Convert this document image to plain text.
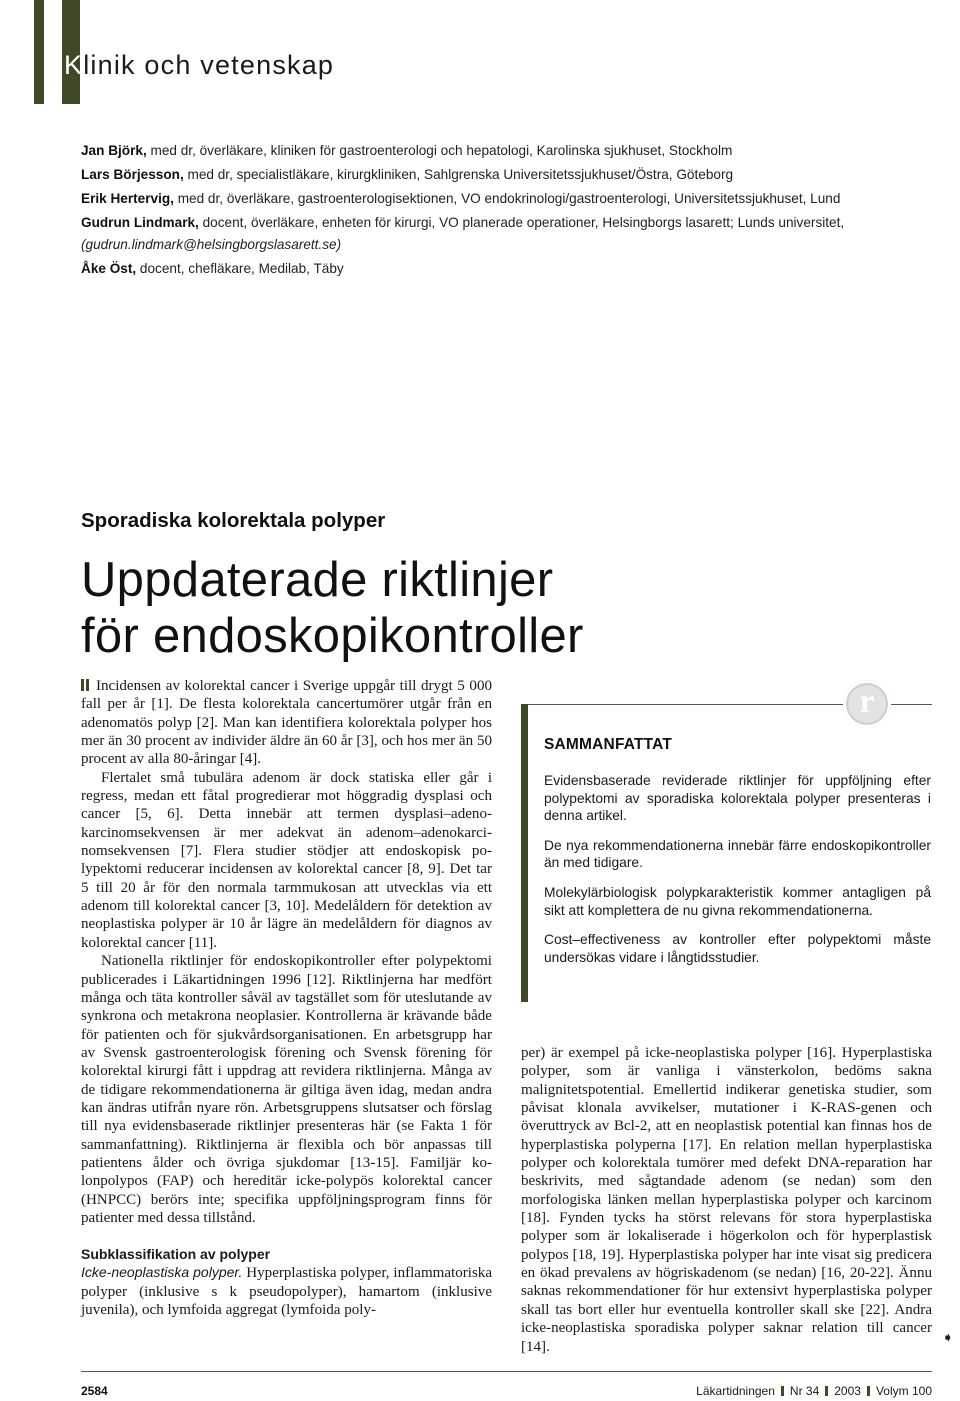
Klinik och vetenskap
Jan Björk, med dr, överläkare, kliniken för gastroenterologi och hepatologi, Karolinska sjukhuset, Stockholm
Lars Börjesson, med dr, specialistläkare, kirurgkliniken, Sahlgrenska Universitetssjukhuset/Östra, Göteborg
Erik Hertervig, med dr, överläkare, gastroenterologisektionen, VO endokrinologi/gastroenterologi, Universitetssjukhuset, Lund
Gudrun Lindmark, docent, överläkare, enheten för kirurgi, VO planerade operationer, Helsingborgs lasarett; Lunds universitet,
(gudrun.lindmark@helsingborgslasarett.se)
Åke Öst, docent, chefläkare, Medilab, Täby
Sporadiska kolorektala polyper
Uppdaterade riktlinjer
för endoskopikontroller

Incidensen av kolorektal cancer i Sverige uppgår till drygt 5 000 fall per år [1]. De flesta kolorektala cancertumörer utgår från en adenomatös polyp [2]. Man kan identifiera kolorektala polyper hos mer än 30 procent av individer äldre än 60 år [3], och hos mer än 50 procent av alla 80-åringar [4].

Flertalet små tubulära adenom är dock statiska eller går i regress, medan ett fåtal progredierar mot höggradig dysplasi och cancer [5, 6]. Detta innebär att termen dysplasi–adenokarcinomsekvensen är mer adekvat än adenom–adenokarcinomsekvensen [7]. Flera studier stödjer att endoskopisk polypektomi reducerar incidensen av kolorektal cancer [8, 9]. Det tar 5 till 20 år för den normala tarmmukosan att utvecklas via ett adenom till kolorektal cancer [3, 10]. Medelåldern för detektion av neoplastiska polyper är 10 år lägre än medelåldern för diagnos av kolorektal cancer [11].

Nationella riktlinjer för endoskopikontroller efter polypektomi publicerades i Läkartidningen 1996 [12]. Riktlinjerna har medfört många och täta kontroller såväl av tagstället som för uteslutande av synkrona och metakrona neoplasier. Kontrollerna är krävande både för patienten och för sjukvårdsorganisationen. En arbetsgrupp har av Svensk gastroenterologisk förening och Svensk förening för kolorektal kirurgi fått i uppdrag att revidera riktlinjerna. Många av de tidigare rekommendationerna är giltiga även idag, medan andra kan ändras utifrån nyare rön. Arbetsgruppens slutsatser och förslag till nya evidensbaserade riktlinjer presenteras här (se Fakta 1 för sammanfattning). Riktlinjerna är flexibla och bör anpassas till patientens ålder och övriga sjukdomar [13-15]. Familjär kolonpolypos (FAP) och hereditär icke-polypös kolorektal cancer (HNPCC) berörs inte; specifika uppföljningsprogram finns för patienter med dessa tillstånd.

Subklassifikation av polyper

Icke-neoplastiska polyper. Hyperplastiska polyper, inflammatoriska polyper (inklusive s k pseudopolyper), hamartom (inklusive juvenila), och lymfoida aggregat (lymfoida poly-

r
SAMMANFATTAT

Evidensbaserade reviderade riktlinjer för uppföljning efter polypektomi av sporadiska kolorektala polyper presenteras i denna artikel.

De nya rekommendationerna innebär färre endoskopikontroller än med tidigare.

Molekylärbiologisk polypkarakteristik kommer antagligen på sikt att komplettera de nu givna rekommendationerna.

Cost–effectiveness av kontroller efter polypektomi måste undersökas vidare i långtidsstudier.

per) är exempel på icke-neoplastiska polyper [16]. Hyperplastiska polyper, som är vanliga i vänsterkolon, bedöms sakna malignitetspotential. Emellertid indikerar genetiska studier, som påvisat klonala avvikelser, mutationer i K-RAS-genen och överuttryck av Bcl-2, att en neoplastisk potential kan finnas hos de hyperplastiska polyperna [17]. En relation mellan hyperplastiska polyper och kolorektala tumörer med defekt DNA-reparation har beskrivits, med sågtandade adenom (se nedan) som den morfologiska länken mellan hyperplastiska polyper och karcinom [18]. Fynden tycks ha störst relevans för stora hyperplastiska polyper som är lokaliserade i högerkolon och för hyperplastisk polypos [18, 19]. Hyperplastiska polyper har inte visat sig predicera en ökad prevalens av högriskadenom (se nedan) [16, 20-22]. Ännu saknas rekommendationer för hur extensivt hyperplastiska polyper skall tas bort eller hur eventuella kontroller skall ske [22]. Andra icke-neoplastiska sporadiska polyper saknar relation till cancer [14].

➧
2584	Läkartidningen Nr 34 2003 Volym 100
